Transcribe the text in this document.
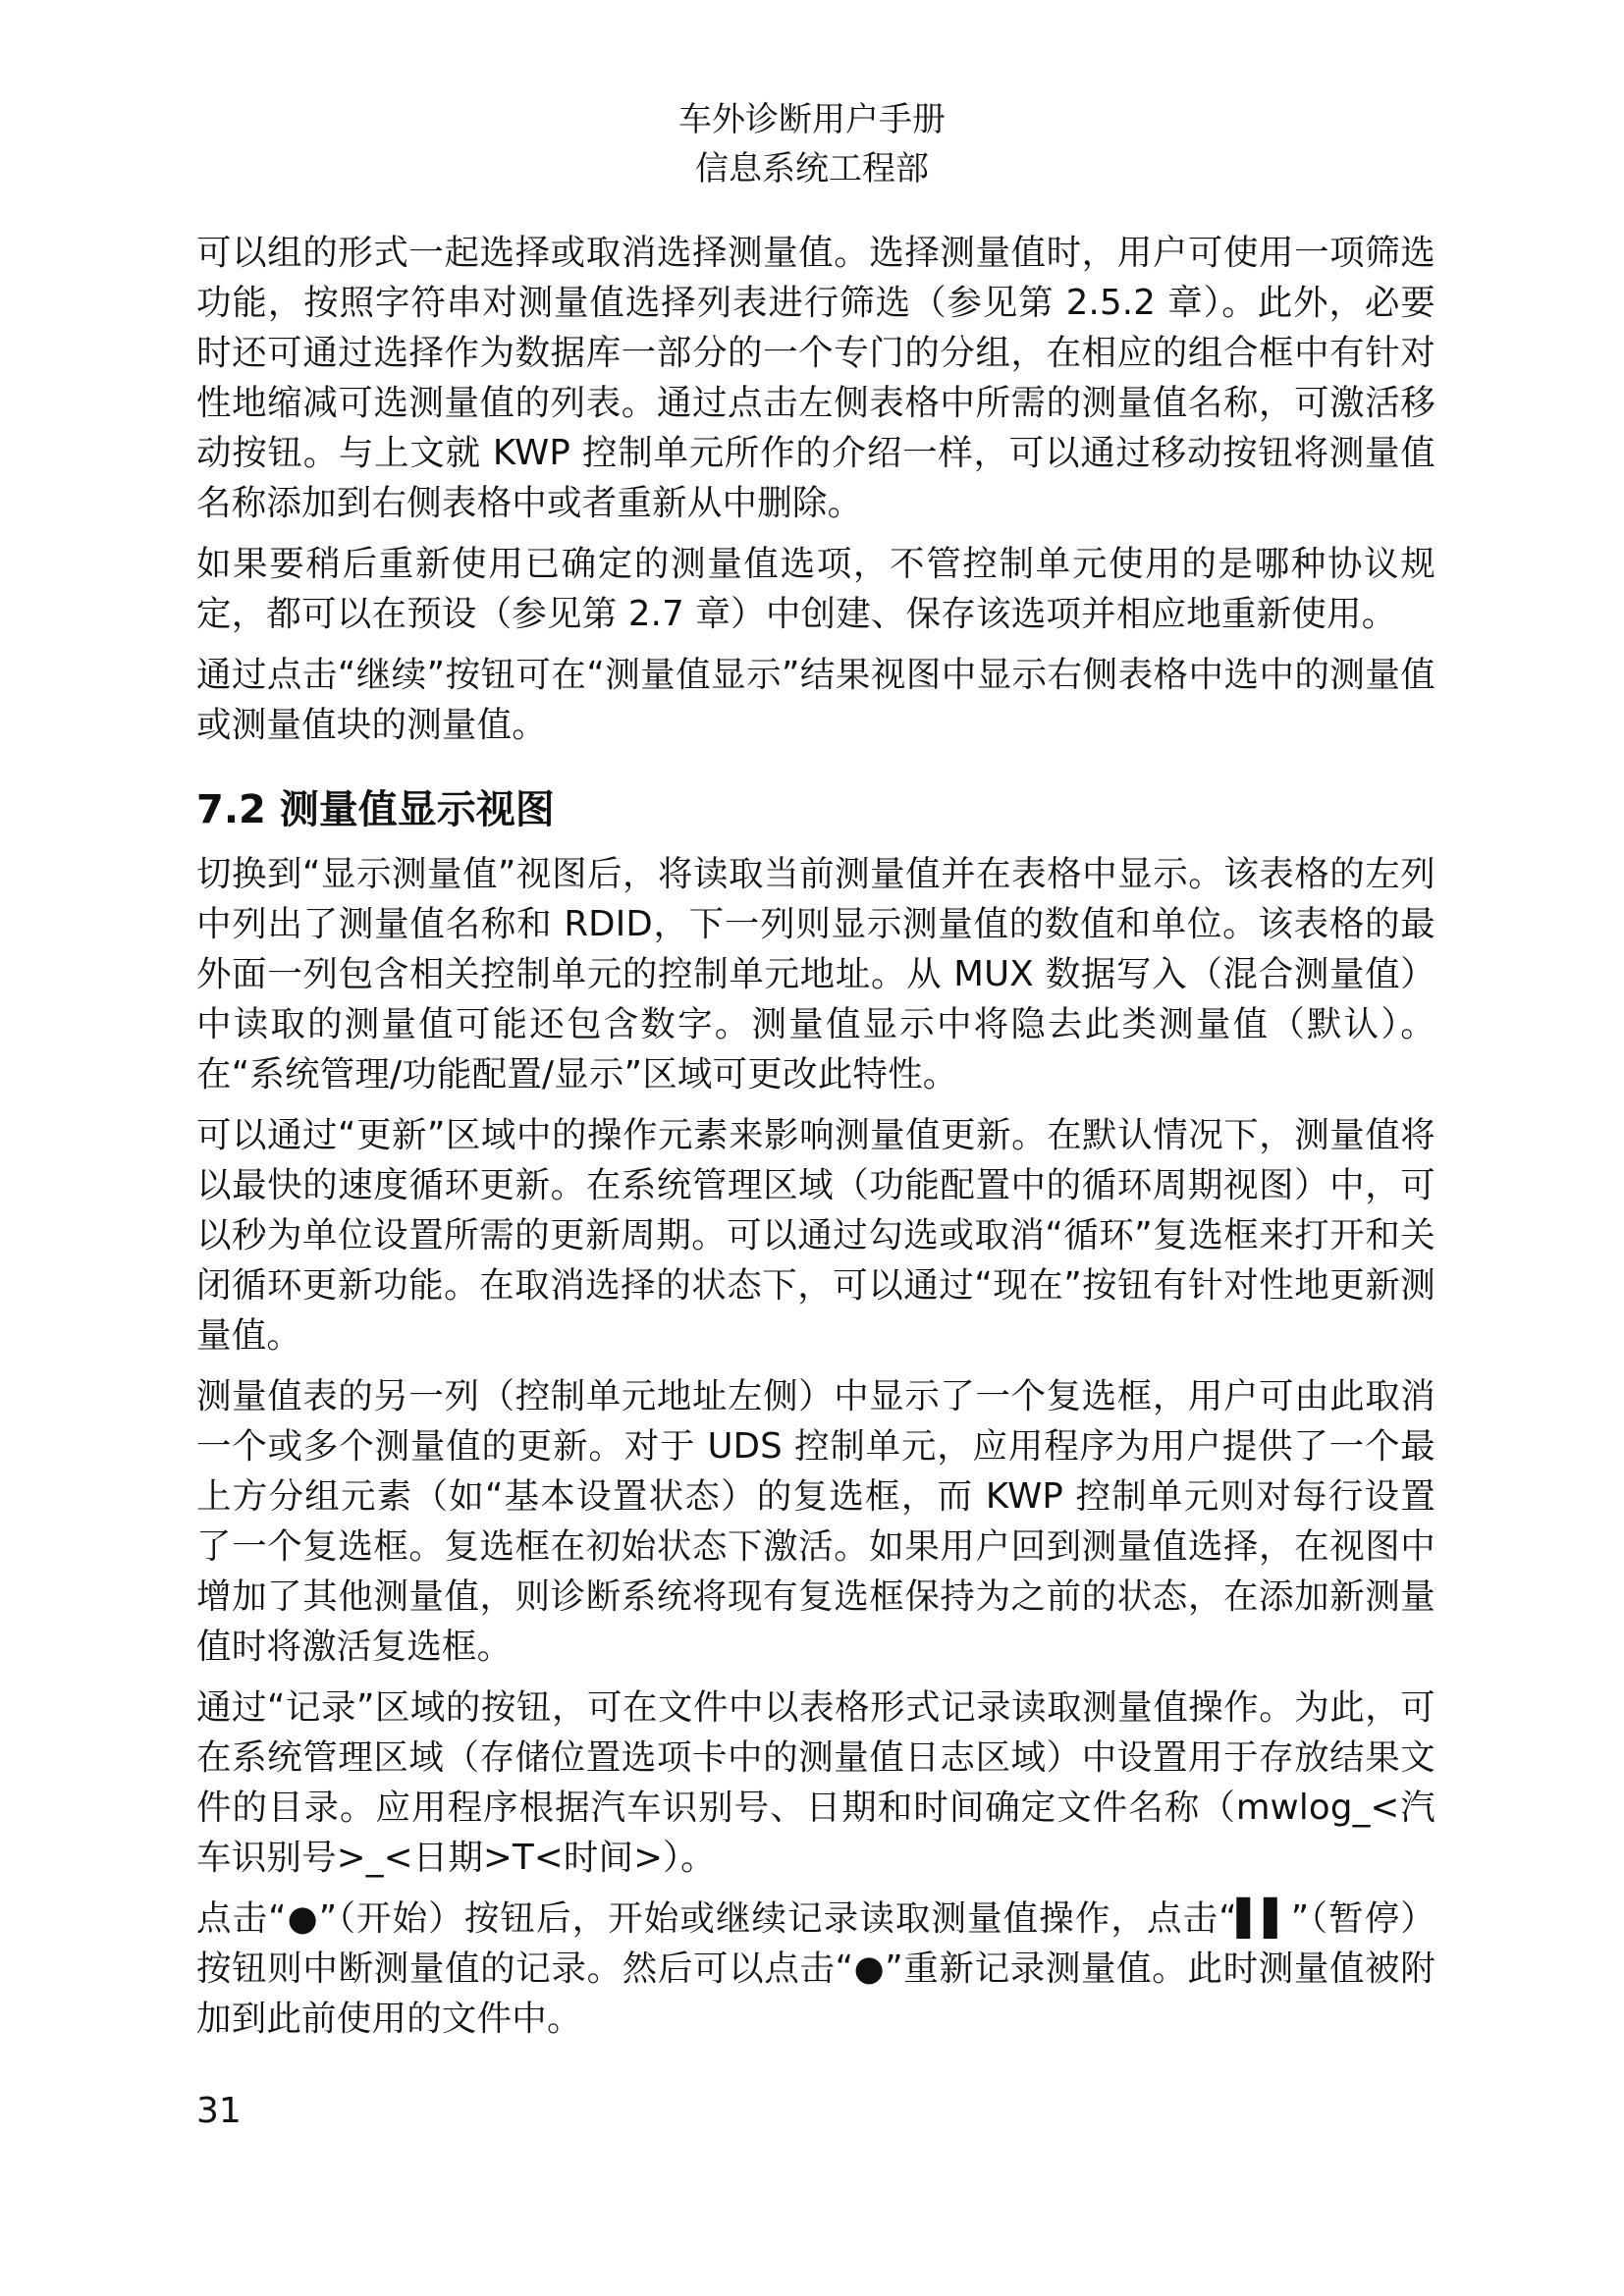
车外诊断用户手册
信息系统工程部

可以组的形式一起选择或取消选择测量值。选择测量值时，用户可使用一项筛选功能，按照字符串对测量值选择列表进行筛选（参见第 2.5.2 章）。此外，必要时还可通过选择作为数据库一部分的一个专门的分组，在相应的组合框中有针对性地缩减可选测量值的列表。通过点击左侧表格中所需的测量值名称，可激活移动按钮。与上文就 KWP 控制单元所作的介绍一样，可以通过移动按钮将测量值名称添加到右侧表格中或者重新从中删除。

如果要稍后重新使用已确定的测量值选项，不管控制单元使用的是哪种协议规定，都可以在预设（参见第 2.7 章）中创建、保存该选项并相应地重新使用。

通过点击“继续”按钮可在“测量值显示”结果视图中显示右侧表格中选中的测量值或测量值块的测量值。

7.2 测量值显示视图

切换到“显示测量值”视图后，将读取当前测量值并在表格中显示。该表格的左列中列出了测量值名称和 RDID，下一列则显示测量值的数值和单位。该表格的最外面一列包含相关控制单元的控制单元地址。从 MUX 数据写入（混合测量值）中读取的测量值可能还包含数字。测量值显示中将隐去此类测量值（默认）。在“系统管理/功能配置/显示”区域可更改此特性。

可以通过“更新”区域中的操作元素来影响测量值更新。在默认情况下，测量值将以最快的速度循环更新。在系统管理区域（功能配置中的循环周期视图）中，可以秒为单位设置所需的更新周期。可以通过勾选或取消“循环”复选框来打开和关闭循环更新功能。在取消选择的状态下，可以通过“现在”按钮有针对性地更新测量值。

测量值表的另一列（控制单元地址左侧）中显示了一个复选框，用户可由此取消一个或多个测量值的更新。对于 UDS 控制单元，应用程序为用户提供了一个最上方分组元素（如“基本设置状态）的复选框，而 KWP 控制单元则对每行设置了一个复选框。复选框在初始状态下激活。如果用户回到测量值选择，在视图中增加了其他测量值，则诊断系统将现有复选框保持为之前的状态，在添加新测量值时将激活复选框。

通过“记录”区域的按钮，可在文件中以表格形式记录读取测量值操作。为此，可在系统管理区域（存储位置选项卡中的测量值日志区域）中设置用于存放结果文件的目录。应用程序根据汽车识别号、日期和时间确定文件名称（mwlog_<汽车识别号>_<日期>T<时间>）。

点击“●”（开始）按钮后，开始或继续记录读取测量值操作，点击“▌▌”（暂停）按钮则中断测量值的记录。然后可以点击“●”重新记录测量值。此时测量值被附加到此前使用的文件中。

31
